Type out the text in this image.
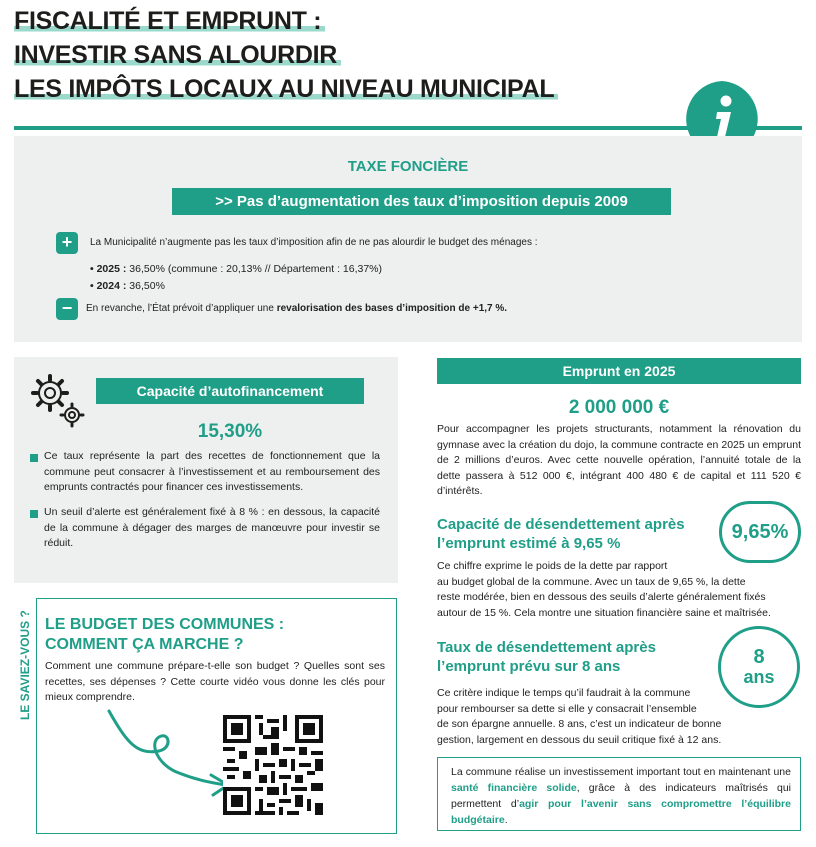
FISCALITÉ ET EMPRUNT :
INVESTIR SANS ALOURDIR
LES IMPÔTS LOCAUX AU NIVEAU MUNICIPAL
TAXE FONCIÈRE
>> Pas d’augmentation des taux d’imposition depuis 2009
+	La Municipalité n’augmente pas les taux d’imposition afin de ne pas alourdir le budget des ménages :
• 2025 : 36,50% (commune : 20,13% // Département : 16,37%)
• 2024 : 36,50%
−	En revanche, l’État prévoit d’appliquer une revalorisation des bases d’imposition de +1,7 %.
Capacité d’autofinancement
15,30%
Ce taux représente la part des recettes de fonctionnement que la commune peut consacrer à l’investissement et au remboursement des emprunts contractés pour financer ces investissements.
Un seuil d’alerte est généralement fixé à 8 % : en dessous, la capacité de la commune à dégager des marges de manœuvre pour investir se réduit.
LE SAVIEZ-VOUS ? LE BUDGET DES COMMUNES :
COMMENT ÇA MARCHE ?
Comment une commune prépare-t-elle son budget ? Quelles sont ses recettes, ses dépenses ? Cette courte vidéo vous donne les clés pour mieux comprendre.
Emprunt en 2025
2 000 000 €
Pour accompagner les projets structurants, notamment la rénovation du gymnase avec la création du dojo, la commune contracte en 2025 un emprunt de 2 millions d’euros. Avec cette nouvelle opération, l’annuité totale de la dette passera à 512 000 €, intégrant 400 480 € de capital et 111 520 € d’intérêts.
Capacité de désendettement après
l’emprunt estimé à 9,65 %
9,65%
Ce chiffre exprime le poids de la dette par rapport
au budget global de la commune. Avec un taux de 9,65 %, la dette
reste modérée, bien en dessous des seuils d’alerte généralement fixés
autour de 15 %. Cela montre une situation financière saine et maîtrisée.
Taux de désendettement après
l’emprunt prévu sur 8 ans	8
ans
Ce critère indique le temps qu’il faudrait à la commune
pour rembourser sa dette si elle y consacrait l’ensemble
de son épargne annuelle. 8 ans, c’est un indicateur de bonne
gestion, largement en dessous du seuil critique fixé à 12 ans.

La commune réalise un investissement important tout en maintenant une santé financière solide, grâce à des indicateurs maîtrisés qui permettent d’agir pour l’avenir sans compromettre l’équilibre budgétaire.
